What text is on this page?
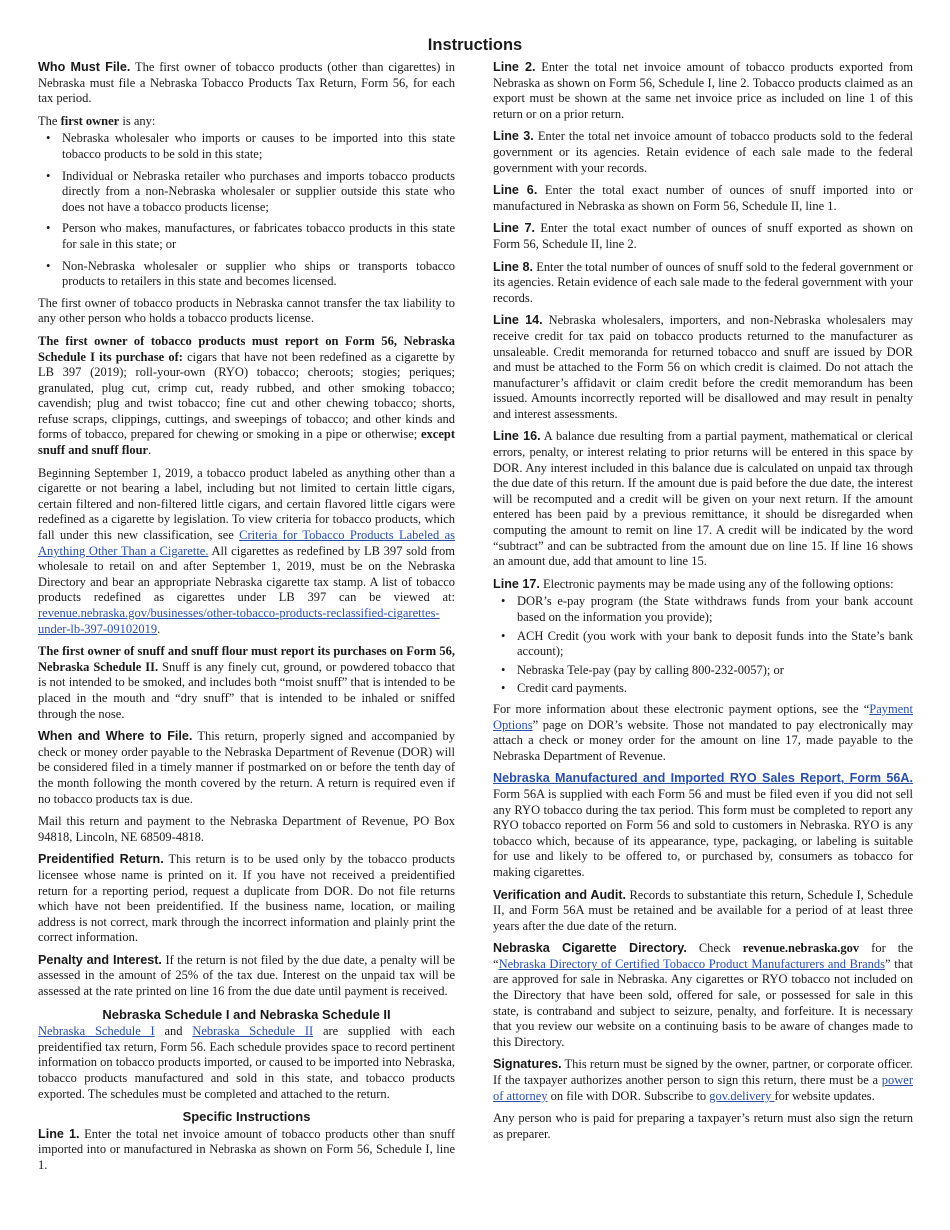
Instructions

Who Must File. The first owner of tobacco products (other than cigarettes) in Nebraska must file a Nebraska Tobacco Products Tax Return, Form 56, for each tax period.

The first owner is any:

• Nebraska wholesaler who imports or causes to be imported into this state tobacco products to be sold in this state;
• Individual or Nebraska retailer who purchases and imports tobacco products directly from a non-Nebraska wholesaler or supplier outside this state who does not have a tobacco products license;
• Person who makes, manufactures, or fabricates tobacco products in this state for sale in this state; or
• Non-Nebraska wholesaler or supplier who ships or transports tobacco products to retailers in this state and becomes licensed.

The first owner of tobacco products in Nebraska cannot transfer the tax liability to any other person who holds a tobacco products license.

The first owner of tobacco products must report on Form 56, Nebraska Schedule I its purchase of: cigars that have not been redefined as a cigarette by LB 397 (2019); roll-your-own (RYO) tobacco; cheroots; stogies; periques; granulated, plug cut, crimp cut, ready rubbed, and other smoking tobacco; cavendish; plug and twist tobacco; fine cut and other chewing tobacco; shorts, refuse scraps, clippings, cuttings, and sweepings of tobacco; and other kinds and forms of tobacco, prepared for chewing or smoking in a pipe or otherwise; except snuff and snuff flour.

Beginning September 1, 2019, a tobacco product labeled as anything other than a cigarette or not bearing a label, including but not limited to certain little cigars, certain filtered and non-filtered little cigars, and certain flavored little cigars were redefined as a cigarette by legislation. To view criteria for tobacco products, which fall under this new classification, see Criteria for Tobacco Products Labeled as Anything Other Than a Cigarette. All cigarettes as redefined by LB 397 sold from wholesale to retail on and after September 1, 2019, must be on the Nebraska Directory and bear an appropriate Nebraska cigarette tax stamp. A list of tobacco products redefined as cigarettes under LB 397 can be viewed at: revenue.nebraska.gov/businesses/other-tobacco-products-reclassified-cigarettes-under-lb-397-09102019.

The first owner of snuff and snuff flour must report its purchases on Form 56, Nebraska Schedule II. Snuff is any finely cut, ground, or powdered tobacco that is not intended to be smoked, and includes both “moist snuff” that is intended to be placed in the mouth and “dry snuff” that is intended to be inhaled or sniffed through the nose.

When and Where to File. This return, properly signed and accompanied by check or money order payable to the Nebraska Department of Revenue (DOR) will be considered filed in a timely manner if postmarked on or before the tenth day of the month following the month covered by the return. A return is required even if no tobacco products tax is due.

Mail this return and payment to the Nebraska Department of Revenue, PO Box 94818, Lincoln, NE 68509-4818.

Preidentified Return. This return is to be used only by the tobacco products licensee whose name is printed on it. If you have not received a preidentified return for a reporting period, request a duplicate from DOR. Do not file returns which have not been preidentified. If the business name, location, or mailing address is not correct, mark through the incorrect information and plainly print the correct information.

Penalty and Interest. If the return is not filed by the due date, a penalty will be assessed in the amount of 25% of the tax due. Interest on the unpaid tax will be assessed at the rate printed on line 16 from the due date until payment is received.

Nebraska Schedule I and Nebraska Schedule II

Nebraska Schedule I and Nebraska Schedule II are supplied with each preidentified tax return, Form 56. Each schedule provides space to record pertinent information on tobacco products imported, or caused to be imported into Nebraska, tobacco products manufactured and sold in this state, and tobacco products exported. The schedules must be completed and attached to the return.

Specific Instructions

Line 1. Enter the total net invoice amount of tobacco products other than snuff imported into or manufactured in Nebraska as shown on Form 56, Schedule I, line 1.

Line 2. Enter the total net invoice amount of tobacco products exported from Nebraska as shown on Form 56, Schedule I, line 2. Tobacco products claimed as an export must be shown at the same net invoice price as included on line 1 of this return or on a prior return.

Line 3. Enter the total net invoice amount of tobacco products sold to the federal government or its agencies. Retain evidence of each sale made to the federal government with your records.

Line 6. Enter the total exact number of ounces of snuff imported into or manufactured in Nebraska as shown on Form 56, Schedule II, line 1.

Line 7. Enter the total exact number of ounces of snuff exported as shown on Form 56, Schedule II, line 2.

Line 8. Enter the total number of ounces of snuff sold to the federal government or its agencies. Retain evidence of each sale made to the federal government with your records.

Line 14. Nebraska wholesalers, importers, and non-Nebraska wholesalers may receive credit for tax paid on tobacco products returned to the manufacturer as unsaleable. Credit memoranda for returned tobacco and snuff are issued by DOR and must be attached to the Form 56 on which credit is claimed. Do not attach the manufacturer’s affidavit or claim credit before the credit memorandum has been issued. Amounts incorrectly reported will be disallowed and may result in penalty and interest assessments.

Line 16. A balance due resulting from a partial payment, mathematical or clerical errors, penalty, or interest relating to prior returns will be entered in this space by DOR. Any interest included in this balance due is calculated on unpaid tax through the due date of this return. If the amount due is paid before the due date, the interest will be recomputed and a credit will be given on your next return. If the amount entered has been paid by a previous remittance, it should be disregarded when computing the amount to remit on line 17. A credit will be indicated by the word “subtract” and can be subtracted from the amount due on line 15. If line 16 shows an amount due, add that amount to line 15.

Line 17. Electronic payments may be made using any of the following options:

• DOR’s e-pay program (the State withdraws funds from your bank account based on the information you provide);
• ACH Credit (you work with your bank to deposit funds into the State’s bank account);
• Nebraska Tele-pay (pay by calling 800-232-0057); or
• Credit card payments.

For more information about these electronic payment options, see the “Payment Options” page on DOR’s website. Those not mandated to pay electronically may attach a check or money order for the amount on line 17, made payable to the Nebraska Department of Revenue.

Nebraska Manufactured and Imported RYO Sales Report, Form 56A. Form 56A is supplied with each Form 56 and must be filed even if you did not sell any RYO tobacco during the tax period. This form must be completed to report any RYO tobacco reported on Form 56 and sold to customers in Nebraska. RYO is any tobacco which, because of its appearance, type, packaging, or labeling is suitable for use and likely to be offered to, or purchased by, consumers as tobacco for making cigarettes.

Verification and Audit. Records to substantiate this return, Schedule I, Schedule II, and Form 56A must be retained and be available for a period of at least three years after the due date of the return.

Nebraska Cigarette Directory. Check revenue.nebraska.gov for the “Nebraska Directory of Certified Tobacco Product Manufacturers and Brands” that are approved for sale in Nebraska. Any cigarettes or RYO tobacco not included on the Directory that have been sold, offered for sale, or possessed for sale in this state, is contraband and subject to seizure, penalty, and forfeiture. It is necessary that you review our website on a continuing basis to be aware of changes made to this Directory.

Signatures. This return must be signed by the owner, partner, or corporate officer. If the taxpayer authorizes another person to sign this return, there must be a power of attorney on file with DOR. Subscribe to gov.delivery for website updates.

Any person who is paid for preparing a taxpayer’s return must also sign the return as preparer.
